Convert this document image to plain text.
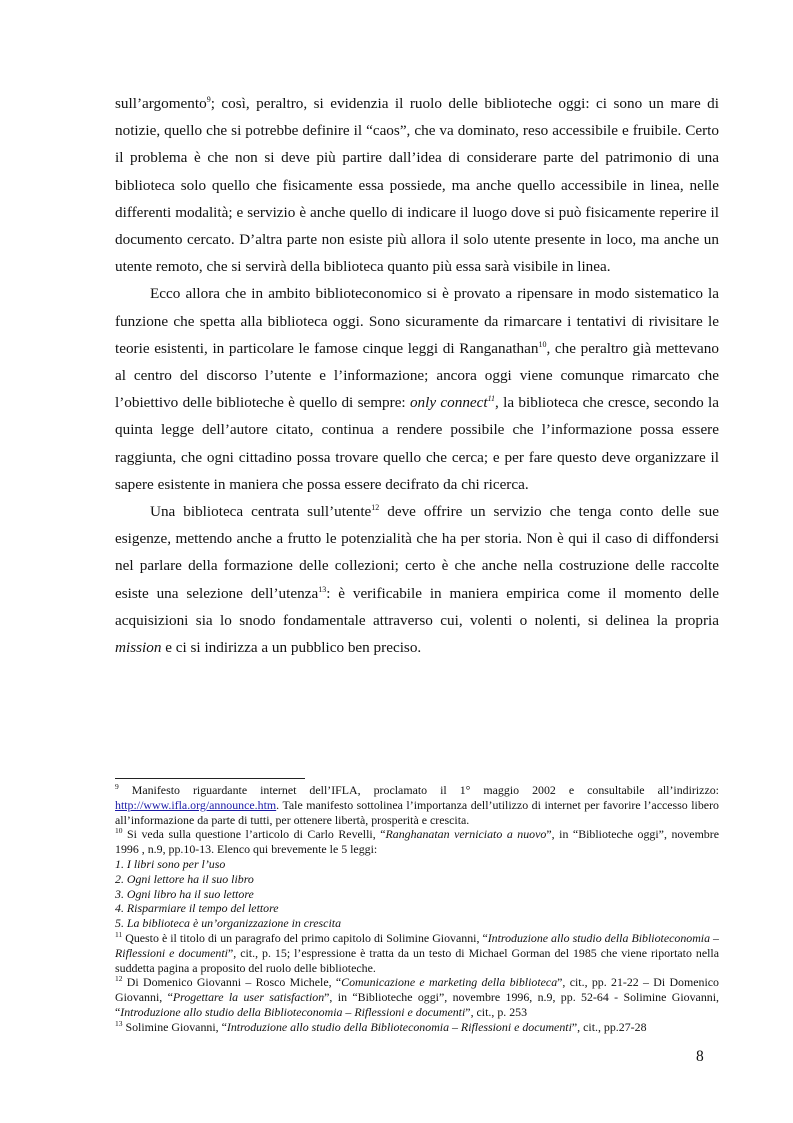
sull’argomento$^9$; così, peraltro, si evidenzia il ruolo delle biblioteche oggi: ci sono un mare di notizie, quello che si potrebbe definire il “caos”, che va dominato, reso accessibile e fruibile. Certo il problema è che non si deve più partire dall’idea di considerare parte del patrimonio di una biblioteca solo quello che fisicamente essa possiede, ma anche quello accessibile in linea, nelle differenti modalità; e servizio è anche quello di indicare il luogo dove si può fisicamente reperire il documento cercato. D’altra parte non esiste più allora il solo utente presente in loco, ma anche un utente remoto, che si servirà della biblioteca quanto più essa sarà visibile in linea.

Ecco allora che in ambito biblioteconomico si è provato a ripensare in modo sistematico la funzione che spetta alla biblioteca oggi. Sono sicuramente da rimarcare i tentativi di rivisitare le teorie esistenti, in particolare le famose cinque leggi di Ranganathan$^{10}$, che peraltro già mettevano al centro del discorso l’utente e l’informazione; ancora oggi viene comunque rimarcato che l’obiettivo delle biblioteche è quello di sempre: only connect$^{11}$, la biblioteca che cresce, secondo la quinta legge dell’autore citato, continua a rendere possibile che l’informazione possa essere raggiunta, che ogni cittadino possa trovare quello che cerca; e per fare questo deve organizzare il sapere esistente in maniera che possa essere decifrato da chi ricerca.

Una biblioteca centrata sull’utente$^{12}$ deve offrire un servizio che tenga conto delle sue esigenze, mettendo anche a frutto le potenzialità che ha per storia. Non è qui il caso di diffondersi nel parlare della formazione delle collezioni; certo è che anche nella costruzione delle raccolte esiste una selezione dell’utenza$^{13}$: è verificabile in maniera empirica come il momento delle acquisizioni sia lo snodo fondamentale attraverso cui, volenti o nolenti, si delinea la propria mission e ci si indirizza a un pubblico ben preciso.

$^9$ Manifesto riguardante internet dell’IFLA, proclamato il 1° maggio 2002 e consultabile all’indirizzo: http://www.ifla.org/announce.htm. Tale manifesto sottolinea l’importanza dell’utilizzo di internet per favorire l’accesso libero all’informazione da parte di tutti, per ottenere libertà, prosperità e crescita.

$^{10}$ Si veda sulla questione l’articolo di Carlo Revelli, “Ranghanatan verniciato a nuovo”, in “Biblioteche oggi”, novembre 1996 , n.9, pp.10-13. Elenco qui brevemente le 5 leggi:

1. I libri sono per l’uso

2. Ogni lettore ha il suo libro

3. Ogni libro ha il suo lettore

4. Risparmiare il tempo del lettore

5. La biblioteca è un’organizzazione in crescita

$^{11}$ Questo è il titolo di un paragrafo del primo capitolo di Solimine Giovanni, “Introduzione allo studio della Biblioteconomia – Riflessioni e documenti”, cit., p. 15; l’espressione è tratta da un testo di Michael Gorman del 1985 che viene riportato nella suddetta pagina a proposito del ruolo delle biblioteche.

$^{12}$ Di Domenico Giovanni – Rosco Michele, “Comunicazione e marketing della biblioteca”, cit., pp. 21-22 – Di Domenico Giovanni, “Progettare la user satisfaction”, in “Biblioteche oggi”, novembre 1996, n.9, pp. 52-64 - Solimine Giovanni, “Introduzione allo studio della Biblioteconomia – Riflessioni e documenti”, cit., p. 253

$^{13}$ Solimine Giovanni, “Introduzione allo studio della Biblioteconomia – Riflessioni e documenti”, cit., pp.27-28

8
